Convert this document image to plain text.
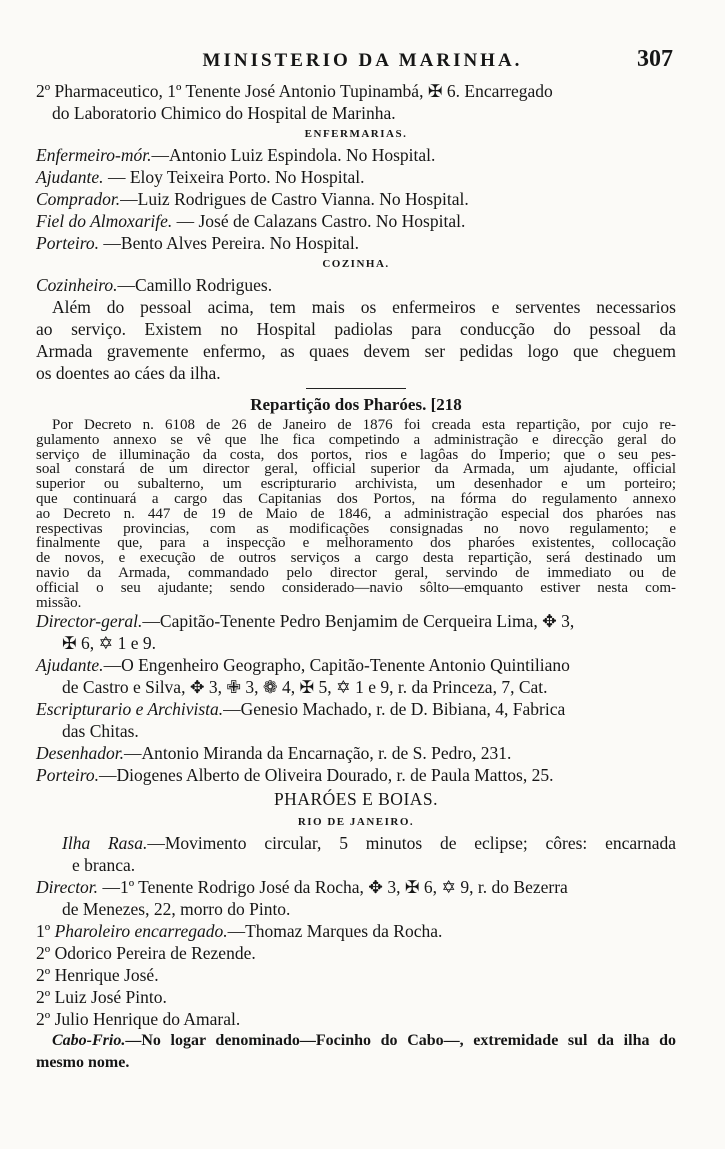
MINISTERIO DA MARINHA.	307
2º Pharmaceutico, 1º Tenente José Antonio Tupinambá, ✠ 6. Encarregado
do Laboratorio Chimico do Hospital de Marinha.
ENFERMARIAS.
Enfermeiro-mór.—Antonio Luiz Espindola. No Hospital.
Ajudante. — Eloy Teixeira Porto. No Hospital.
Comprador.—Luiz Rodrigues de Castro Vianna. No Hospital.
Fiel do Almoxarife. — José de Calazans Castro. No Hospital.
Porteiro. —Bento Alves Pereira. No Hospital.
COZINHA.
Cozinheiro.—Camillo Rodrigues.
Além do pessoal acima, tem mais os enfermeiros e serventes necessarios
ao serviço. Existem no Hospital padiolas para conducção do pessoal da
Armada gravemente enfermo, as quaes devem ser pedidas logo que cheguem
os doentes ao cáes da ilha.
Repartição dos Pharóes. [218
Por Decreto n. 6108 de 26 de Janeiro de 1876 foi creada esta repartição, por cujo re-
gulamento annexo se vê que lhe fica competindo a administração e direcção geral do
serviço de illuminação da costa, dos portos, rios e lagôas do Imperio; que o seu pes-
soal constará de um director geral, official superior da Armada, um ajudante, official
superior ou subalterno, um escripturario archivista, um desenhador e um porteiro;
que continuará a cargo das Capitanias dos Portos, na fórma do regulamento annexo
ao Decreto n. 447 de 19 de Maio de 1846, a administração especial dos pharóes nas
respectivas provincias, com as modificações consignadas no novo regulamento; e
finalmente que, para a inspecção e melhoramento dos pharóes existentes, collocação
de novos, e execução de outros serviços a cargo desta repartição, será destinado um
navio da Armada, commandado pelo director geral, servindo de immediato ou de
official o seu ajudante; sendo considerado—navio sôlto—emquanto estiver nesta com-
missão.
Director-geral.—Capitão-Tenente Pedro Benjamim de Cerqueira Lima, ✥ 3,
✠ 6, ✡ 1 e 9.
Ajudante.—O Engenheiro Geographo, Capitão-Tenente Antonio Quintiliano
de Castro e Silva, ✥ 3, ✙ 3, ❁ 4, ✠ 5, ✡ 1 e 9, r. da Princeza, 7, Cat.
Escripturario e Archivista.—Genesio Machado, r. de D. Bibiana, 4, Fabrica
das Chitas.
Desenhador.—Antonio Miranda da Encarnação, r. de S. Pedro, 231.
Porteiro.—Diogenes Alberto de Oliveira Dourado, r. de Paula Mattos, 25.
PHARÓES E BOIAS.
RIO DE JANEIRO.
Ilha Rasa.—Movimento circular, 5 minutos de eclipse; côres: encarnada
e branca.
Director. —1º Tenente Rodrigo José da Rocha, ✥ 3, ✠ 6, ✡ 9, r. do Bezerra
de Menezes, 22, morro do Pinto.
1º Pharoleiro encarregado.—Thomaz Marques da Rocha.
2º Odorico Pereira de Rezende.
2º Henrique José.
2º Luiz José Pinto.
2º Julio Henrique do Amaral.
Cabo-Frio.—No logar denominado—Focinho do Cabo—, extremidade sul da ilha do
mesmo nome.
